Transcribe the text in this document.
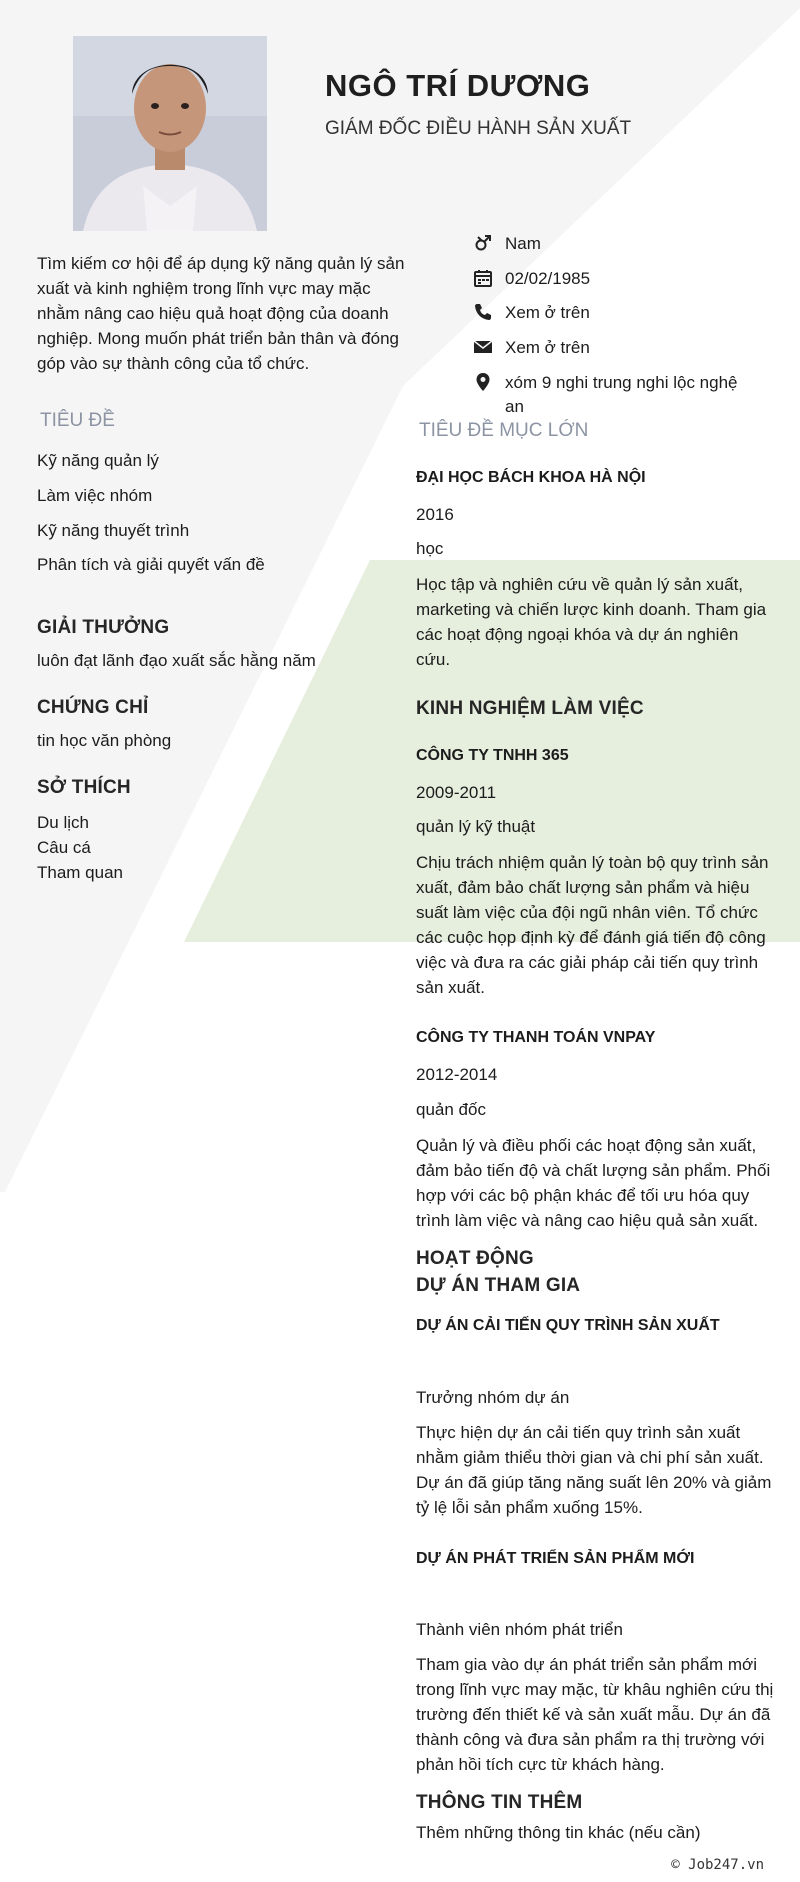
NGÔ TRÍ DƯƠNG
GIÁM ĐỐC ĐIỀU HÀNH SẢN XUẤT
Tìm kiếm cơ hội để áp dụng kỹ năng quản lý sản xuất và kinh nghiệm trong lĩnh vực may mặc nhằm nâng cao hiệu quả hoạt động của doanh nghiệp. Mong muốn phát triển bản thân và đóng góp vào sự thành công của tổ chức.
Nam
02/02/1985
Xem ở trên
Xem ở trên
xóm 9 nghi trung nghi lộc nghệ an
TIÊU ĐỀ
Kỹ năng quản lý
Làm việc nhóm
Kỹ năng thuyết trình
Phân tích và giải quyết vấn đề
GIẢI THƯỞNG
luôn đạt lãnh đạo xuất sắc hằng năm
CHỨNG CHỈ
tin học văn phòng
SỞ THÍCH
Du lịch
Câu cá
Tham quan
TIÊU ĐỀ MỤC LỚN
ĐẠI HỌC BÁCH KHOA HÀ NỘI
2016
học
Học tập và nghiên cứu về quản lý sản xuất, marketing và chiến lược kinh doanh. Tham gia các hoạt động ngoại khóa và dự án nghiên cứu.
KINH NGHIỆM LÀM VIỆC
CÔNG TY TNHH 365
2009-2011
quản lý kỹ thuật
Chịu trách nhiệm quản lý toàn bộ quy trình sản xuất, đảm bảo chất lượng sản phẩm và hiệu suất làm việc của đội ngũ nhân viên. Tổ chức các cuộc họp định kỳ để đánh giá tiến độ công việc và đưa ra các giải pháp cải tiến quy trình sản xuất.
CÔNG TY THANH TOÁN VNPAY
2012-2014
quản đốc
Quản lý và điều phối các hoạt động sản xuất, đảm bảo tiến độ và chất lượng sản phẩm. Phối hợp với các bộ phận khác để tối ưu hóa quy trình làm việc và nâng cao hiệu quả sản xuất.
HOẠT ĐỘNG
DỰ ÁN THAM GIA
DỰ ÁN CẢI TIẾN QUY TRÌNH SẢN XUẤT
Trưởng nhóm dự án
Thực hiện dự án cải tiến quy trình sản xuất nhằm giảm thiểu thời gian và chi phí sản xuất. Dự án đã giúp tăng năng suất lên 20% và giảm tỷ lệ lỗi sản phẩm xuống 15%.
DỰ ÁN PHÁT TRIỂN SẢN PHẨM MỚI
Thành viên nhóm phát triển
Tham gia vào dự án phát triển sản phẩm mới trong lĩnh vực may mặc, từ khâu nghiên cứu thị trường đến thiết kế và sản xuất mẫu. Dự án đã thành công và đưa sản phẩm ra thị trường với phản hồi tích cực từ khách hàng.
THÔNG TIN THÊM
Thêm những thông tin khác (nếu cần)
© Job247.vn
